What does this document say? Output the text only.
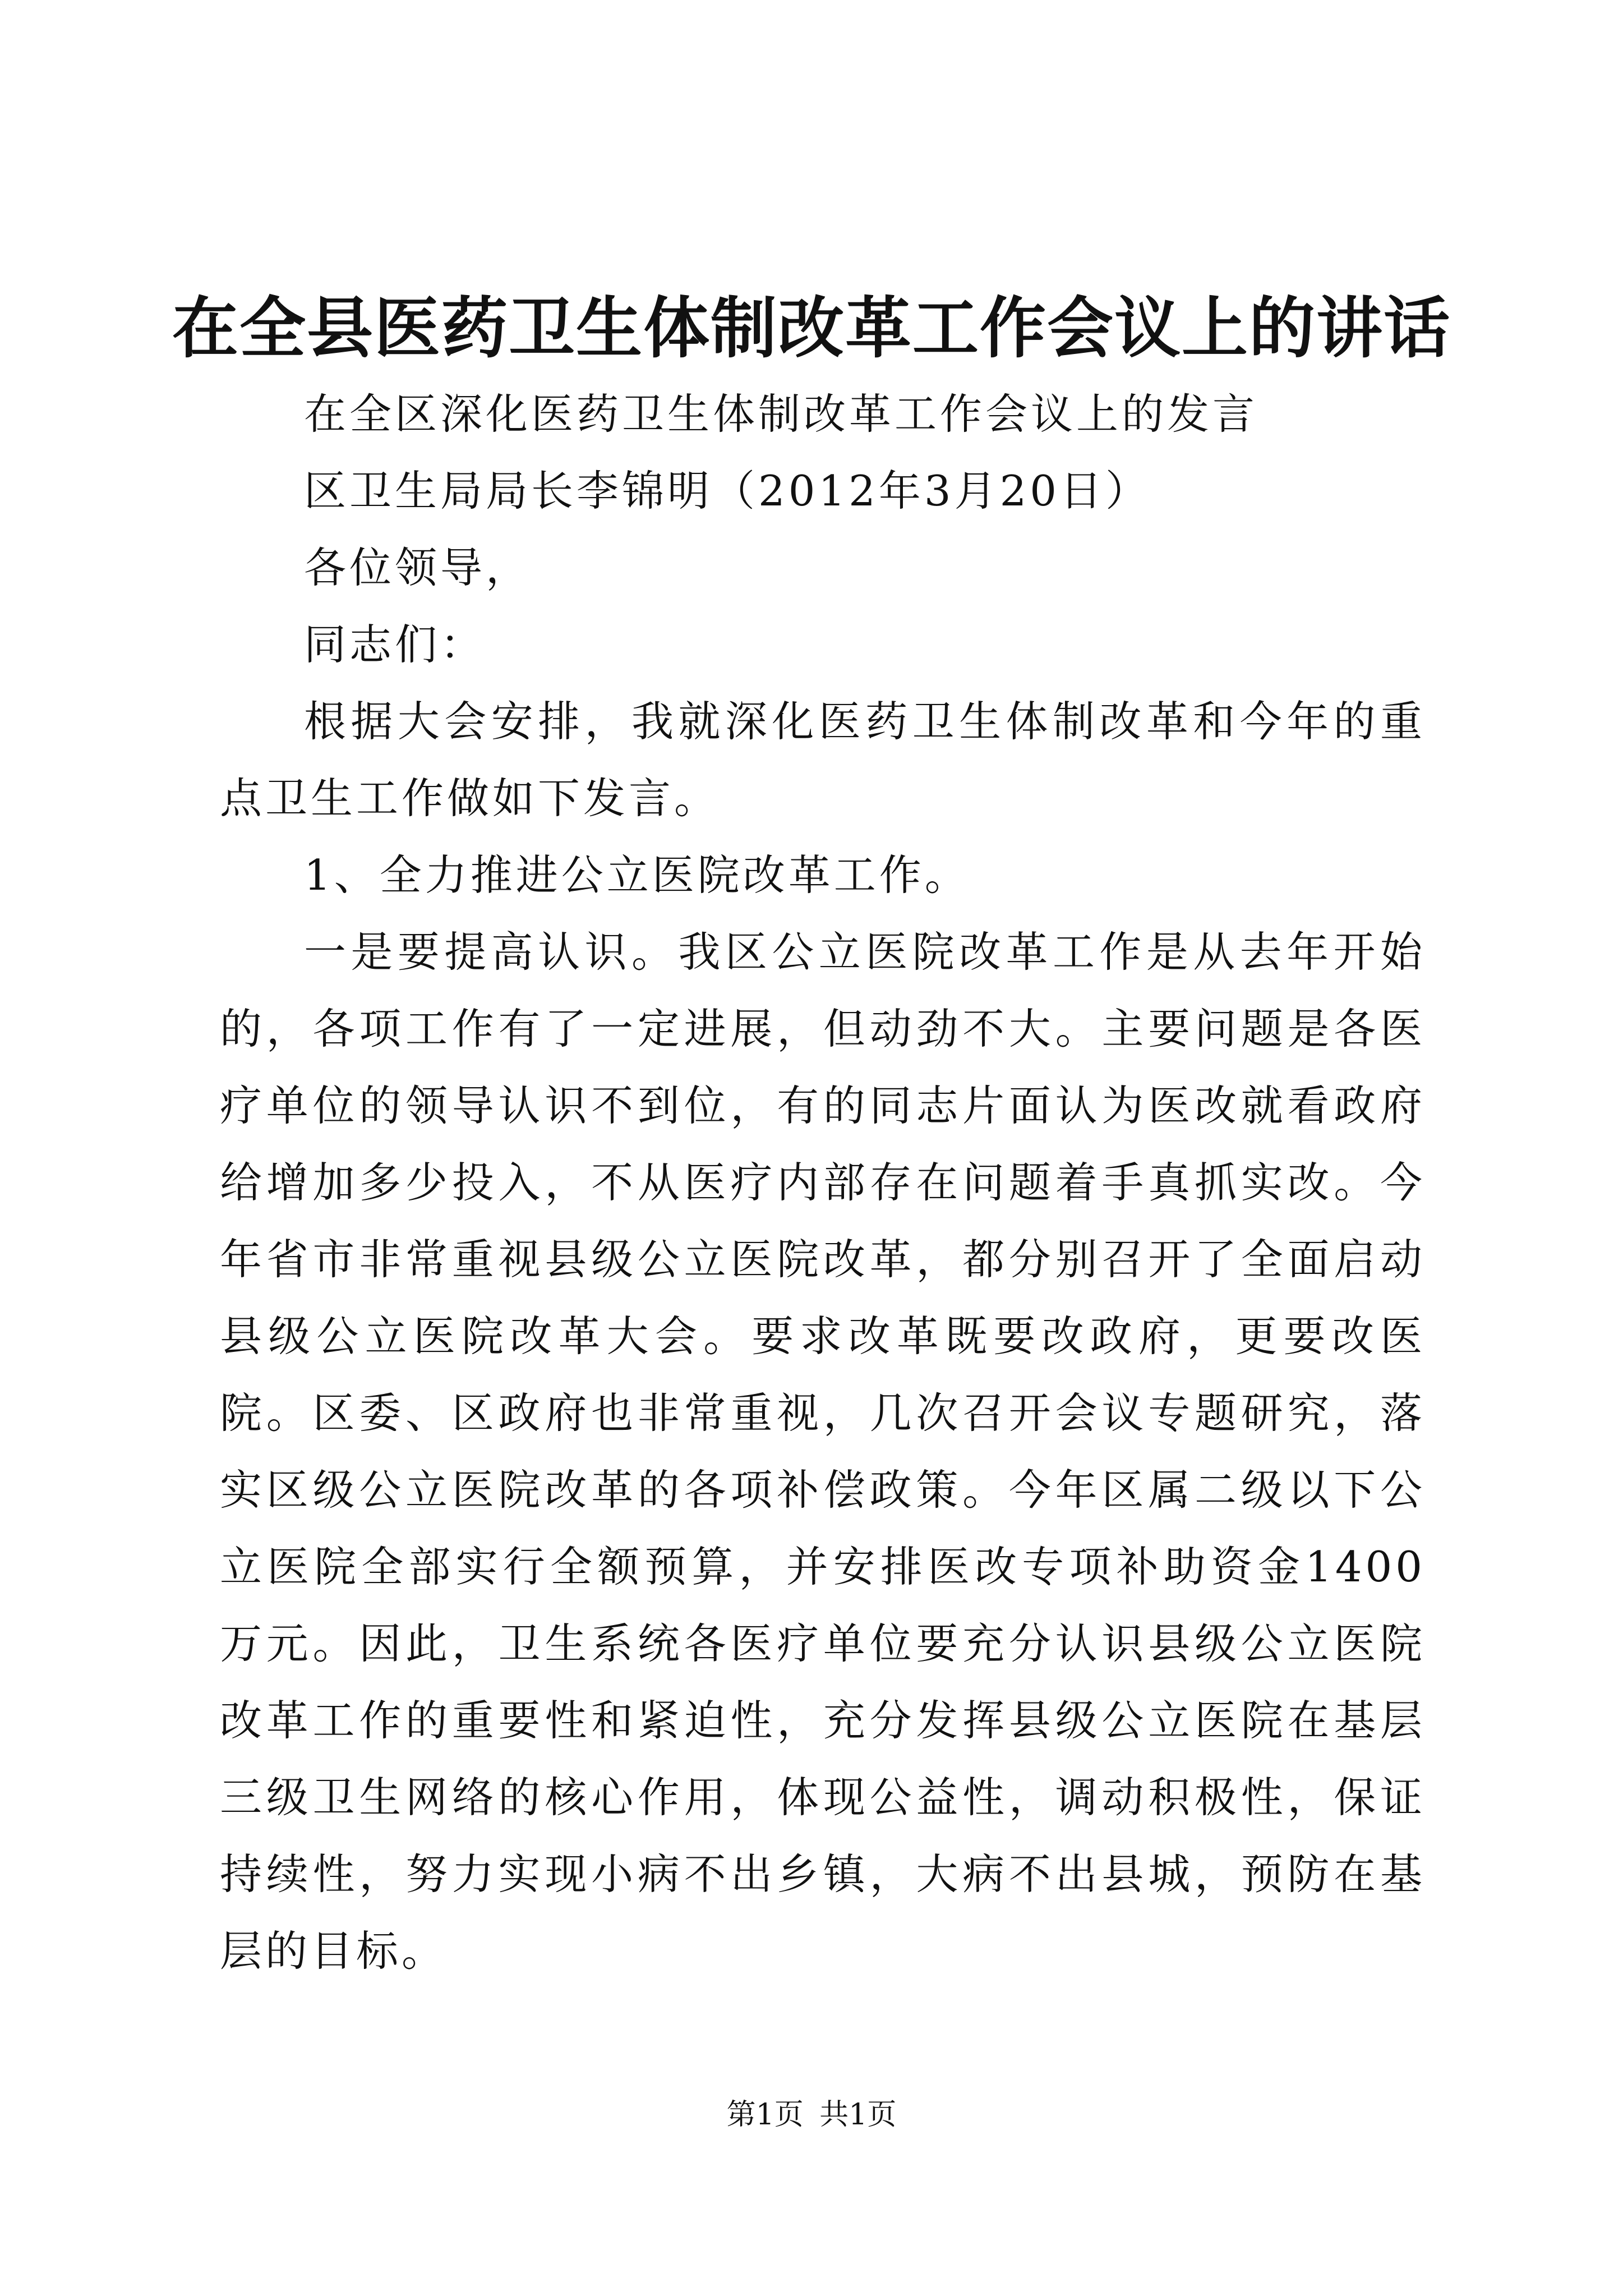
在全县医药卫生体制改革工作会议上的讲话

在全区深化医药卫生体制改革工作会议上的发言

区卫生局局长李锦明（2012年3月20日）

各位领导，

同志们：

根据大会安排，我就深化医药卫生体制改革和今年的重点卫生工作做如下发言。

1、全力推进公立医院改革工作。

一是要提高认识。我区公立医院改革工作是从去年开始的，各项工作有了一定进展，但动劲不大。主要问题是各医疗单位的领导认识不到位，有的同志片面认为医改就看政府给增加多少投入，不从医疗内部存在问题着手真抓实改。今年省市非常重视县级公立医院改革，都分别召开了全面启动县级公立医院改革大会。要求改革既要改政府，更要改医院。区委、区政府也非常重视，几次召开会议专题研究，落实区级公立医院改革的各项补偿政策。今年区属二级以下公立医院全部实行全额预算，并安排医改专项补助资金1400万元。因此，卫生系统各医疗单位要充分认识县级公立医院改革工作的重要性和紧迫性，充分发挥县级公立医院在基层三级卫生网络的核心作用，体现公益性，调动积极性，保证持续性，努力实现小病不出乡镇，大病不出县城，预防在基层的目标。

第1页 共1页
